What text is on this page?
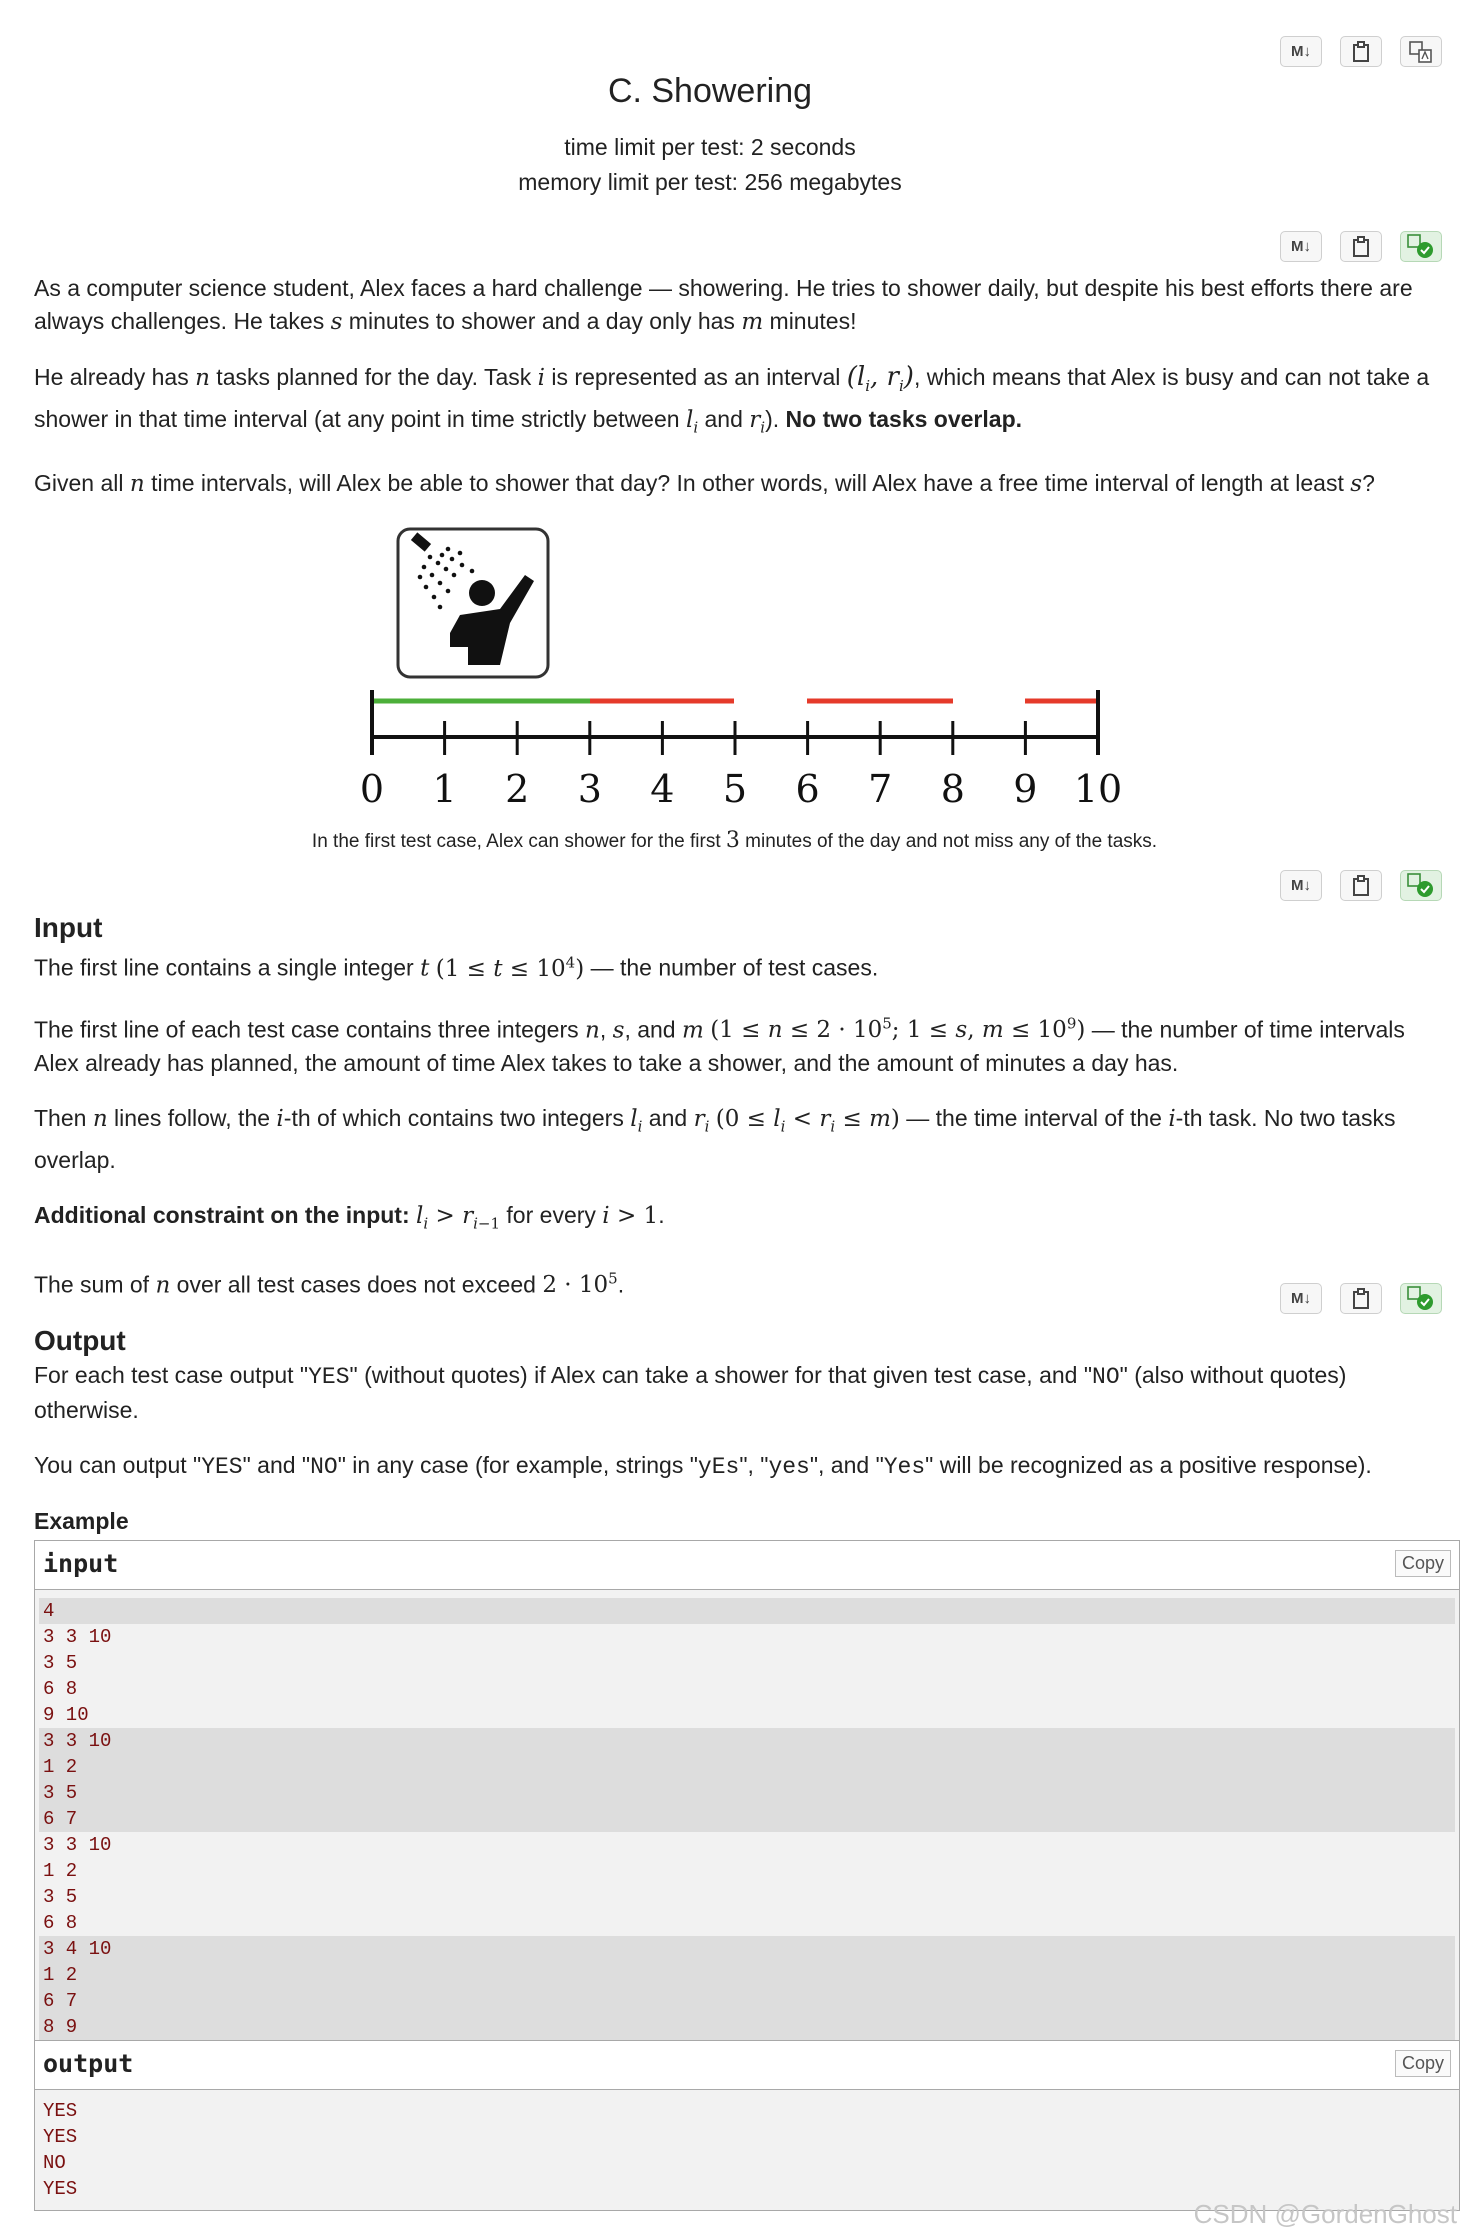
M↓
C. Showering
time limit per test: 2 seconds
memory limit per test: 256 megabytes
M↓

As a computer science student, Alex faces a hard challenge — showering. He tries to shower daily, but despite his best efforts there are always challenges. He takes s minutes to shower and a day only has m minutes!

He already has n tasks planned for the day. Task i is represented as an interval ($l_i$, $r_i$), which means that Alex is busy and can not take a shower in that time interval (at any point in time strictly between $l_i$ and $r_i$). No two tasks overlap.

Given all n time intervals, will Alex be able to shower that day? In other words, will Alex have a free time interval of length at least s?

0 1 2 3 4 5 6 7 8 9 10
In the first test case, Alex can shower for the first 3 minutes of the day and not miss any of the tasks.
M↓
Input

The first line contains a single integer t $(1 \le t \le 10^4)$ — the number of test cases.

The first line of each test case contains three integers n, s, and m ($1 \le n \le 2 \cdot 10^5$; 1 ≤ s, $m \le 10^9$) — the number of time intervals Alex already has planned, the amount of time Alex takes to take a shower, and the amount of minutes a day has.

Then n lines follow, the i-th of which contains two integers $l_i$ and $r_i$ $(0 \le l_i < r_i \le m)$ — the time interval of the i-th task. No two tasks overlap.

Additional constraint on the input: $l_i > r_{i-1}$ for every i > 1.

The sum of n over all test cases does not exceed $2 \cdot 10^5$.

M↓
Output

For each test case output "YES" (without quotes) if Alex can take a shower for that given test case, and "NO" (also without quotes) otherwise.

You can output "YES" and "NO" in any case (for example, strings "yEs", "yes", and "Yes" will be recognized as a positive response).

Example
input	Copy
4
3 3 10
3 5
6 8
9 10
3 3 10
1 2
3 5
6 7
3 3 10
1 2
3 5
6 8
3 4 10
1 2
6 7
8 9
output	Copy
YES
YES
NO
YES
CSDN @GordenGhost
